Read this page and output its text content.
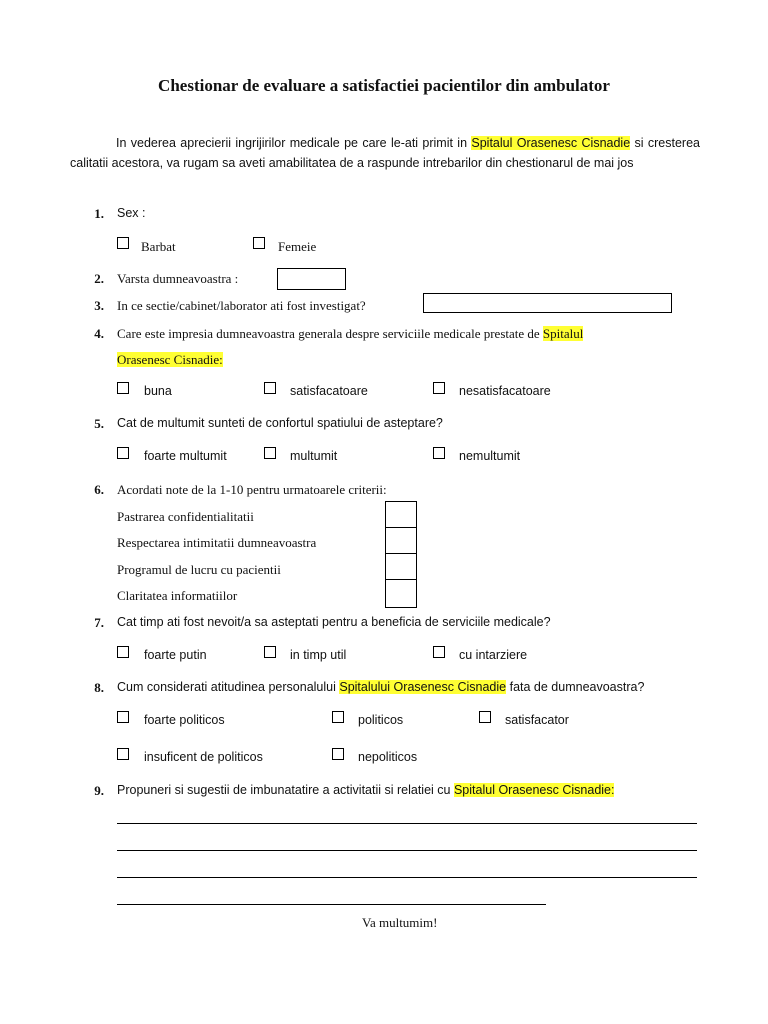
Chestionar de evaluare a satisfactiei pacientilor din ambulator
In vederea aprecierii ingrijirilor medicale pe care le-ati primit in Spitalul Orasenesc Cisnadie si cresterea calitatii acestora, va rugam sa aveti amabilitatea de a raspunde intrebarilor din chestionarul de mai jos
1. Sex :
Barbat	Femeie
2. Varsta dumneavoastra :
3. In ce sectie/cabinet/laborator ati fost investigat?
4. Care este impresia dumneavoastra generala despre serviciile medicale prestate de Spitalul
Orasenesc Cisnadie:
buna	satisfacatoare	nesatisfacatoare
5. Cat de multumit sunteti de confortul spatiului de asteptare?
foarte multumit	multumit	nemultumit
6. Acordati note de la 1-10 pentru urmatoarele criterii:
Pastrarea confidentialitatii
Respectarea intimitatii dumneavoastra
Programul de lucru cu pacientii
Claritatea informatiilor
7. Cat timp ati fost nevoit/a sa asteptati pentru a beneficia de serviciile medicale?
foarte putin	in timp util	cu intarziere
8. Cum considerati atitudinea personalului Spitalului Orasenesc Cisnadie fata de dumneavoastra?
foarte politicos	politicos	satisfacator
insuficent de politicos	nepoliticos
9. Propuneri si sugestii de imbunatatire a activitatii si relatiei cu Spitalul Orasenesc Cisnadie:
Va multumim!
